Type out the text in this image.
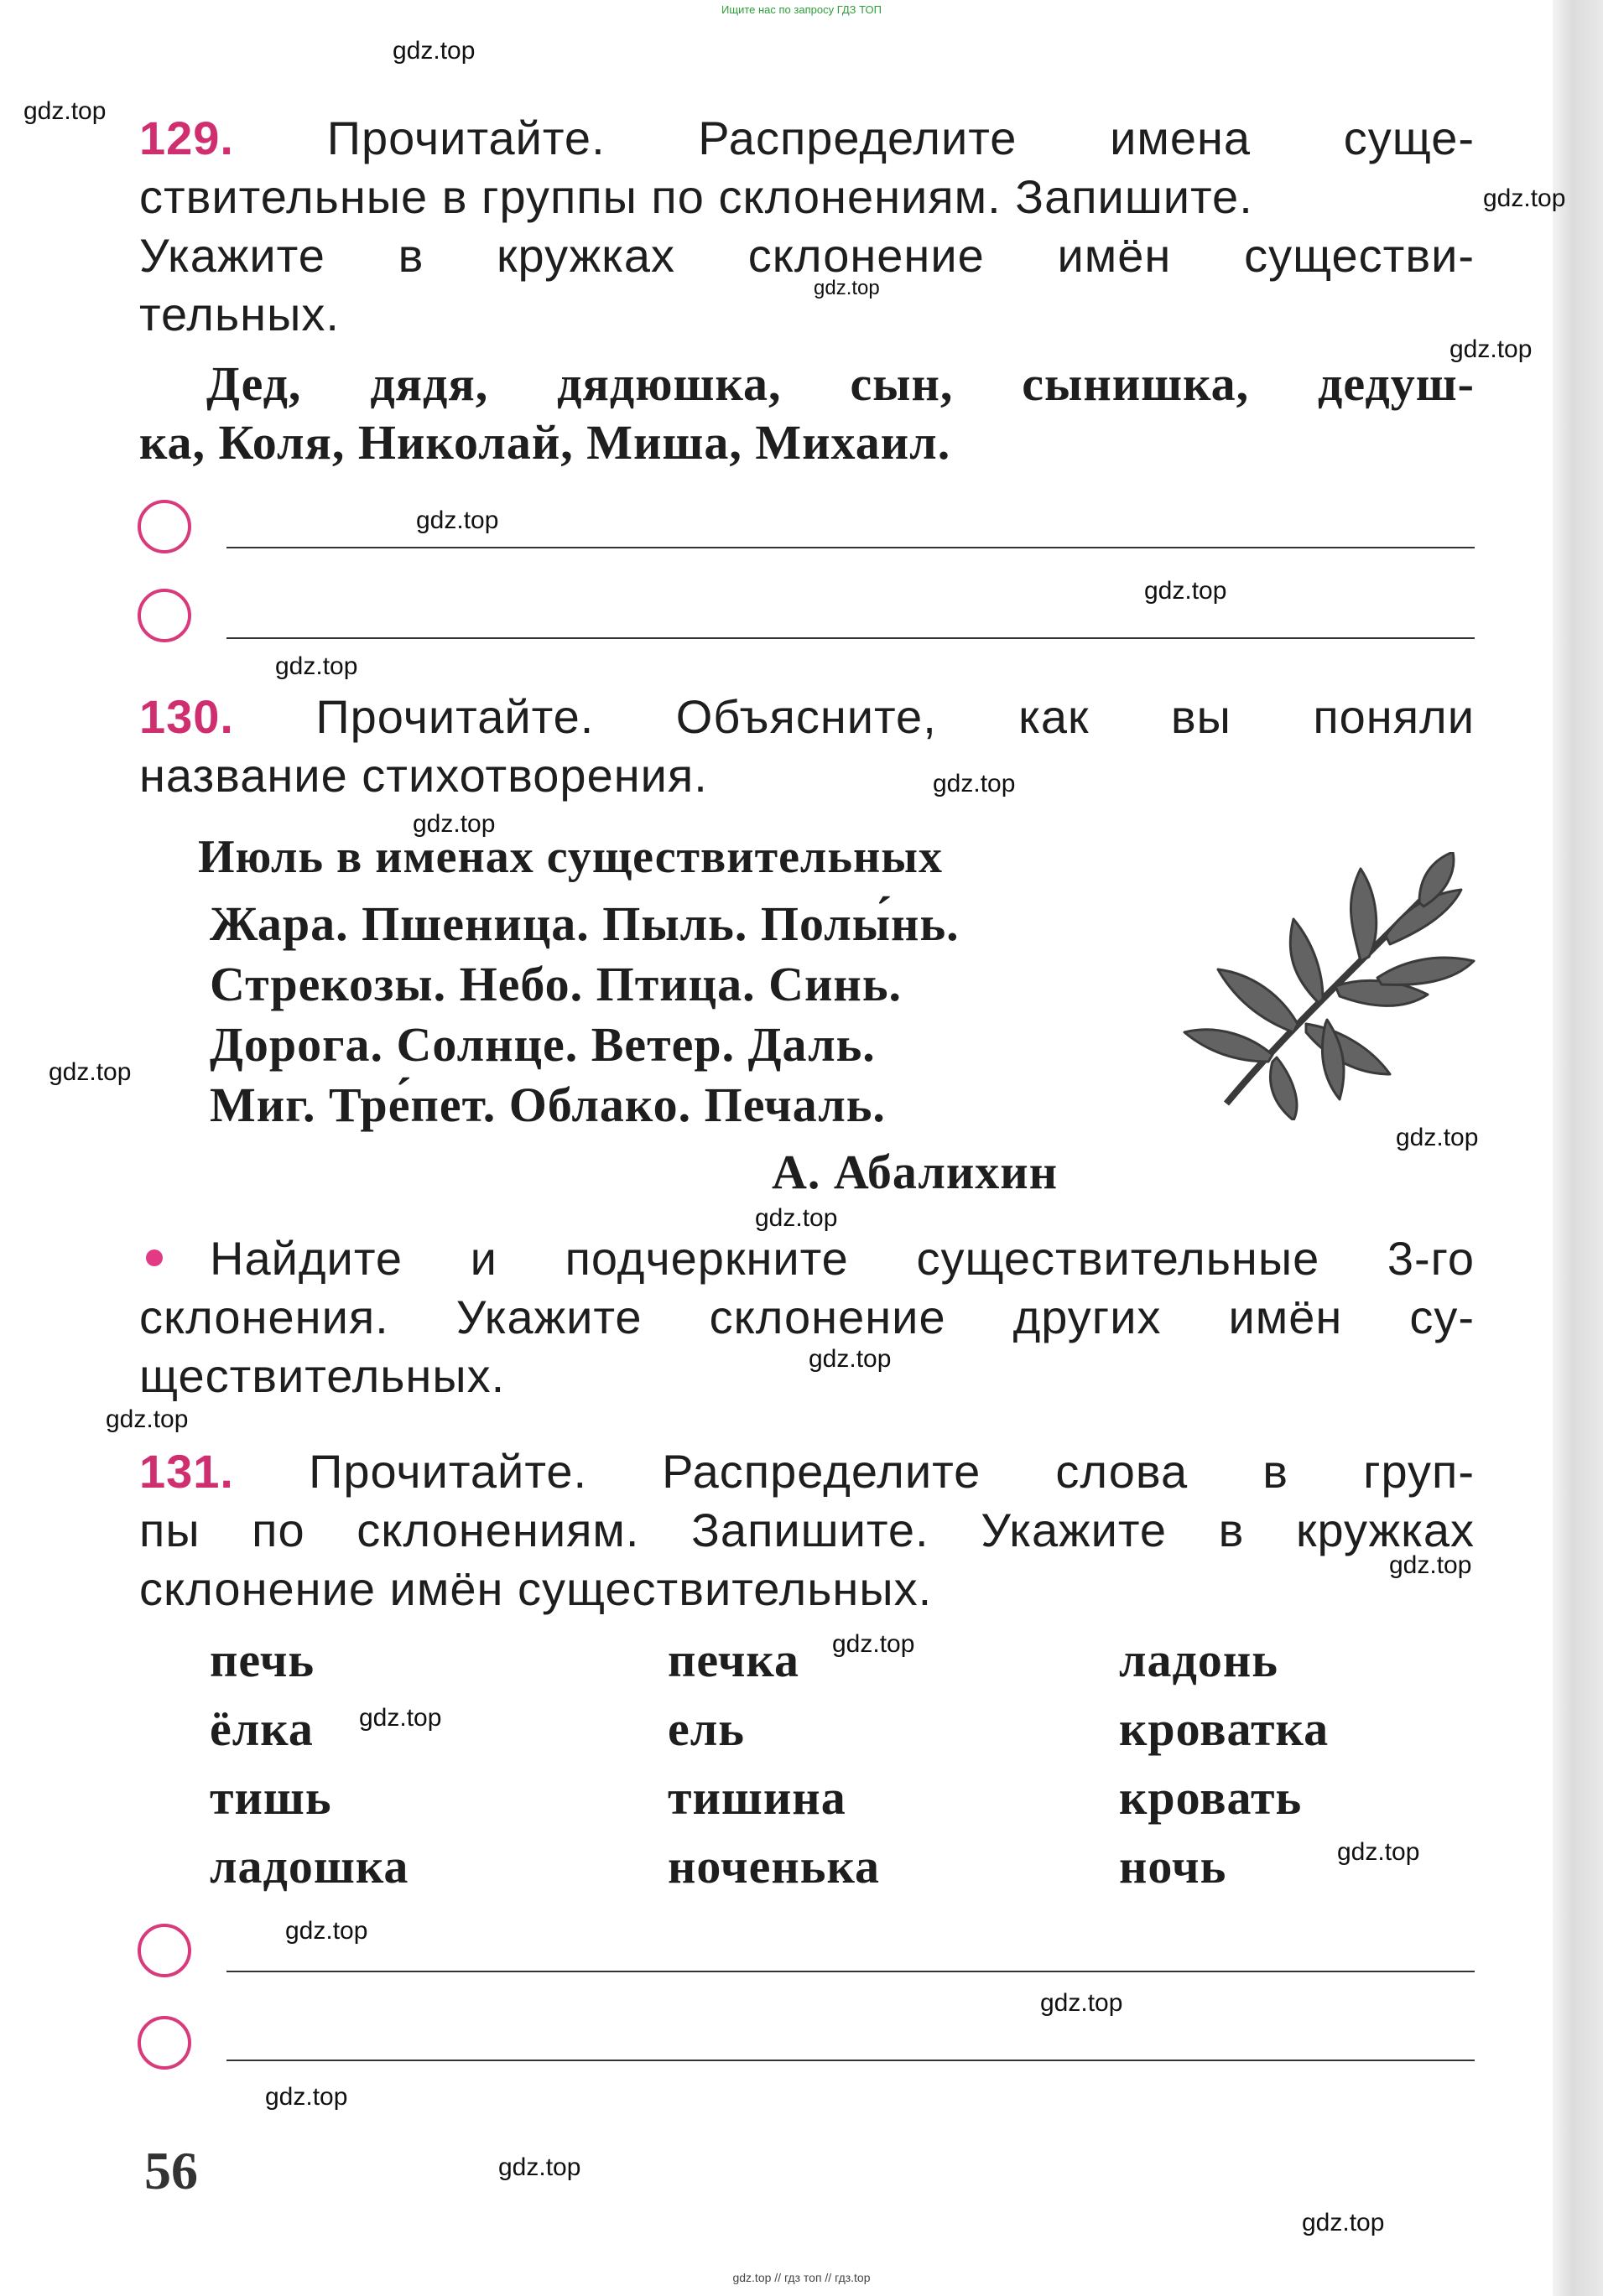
Ищите нас по запросу ГДЗ ТОП
gdz.top
gdz.top
gdz.top
gdz.top
gdz.top
gdz.top
gdz.top
gdz.top
gdz.top
gdz.top
gdz.top
gdz.top
gdz.top
gdz.top
gdz.top
gdz.top
gdz.top
gdz.top
gdz.top
gdz.top
gdz.top
gdz.top
gdz.top
gdz.top
129. Прочитайте. Распределите имена суще-
ствительные в группы по склонениям. Запишите.
Укажите в кружках склонение имён существи-
тельных.
Дед, дядя, дядюшка, сын, сынишка, дедуш-
ка, Коля, Николай, Миша, Михаил.
130. Прочитайте. Объясните, как вы поняли
название стихотворения.
Июль в именах существительных
Жара. Пшеница. Пыль. Полы́нь.
Стрекозы. Небо. Птица. Синь.
Дорога. Солнце. Ветер. Даль.
Миг. Тре́пет. Облако. Печаль.
А. Абалихин
Найдите и подчеркните существительные 3-го
склонения. Укажите склонение других имён су-
ществительных.
131. Прочитайте. Распределите слова в груп-
пы по склонениям. Запишите. Укажите в кружках
склонение имён существительных.
печь
ёлка
тишь
ладошка
печка
ель
тишина
ноченька
ладонь
кроватка
кровать
ночь
56
gdz.top // гдз топ // гдз.top
